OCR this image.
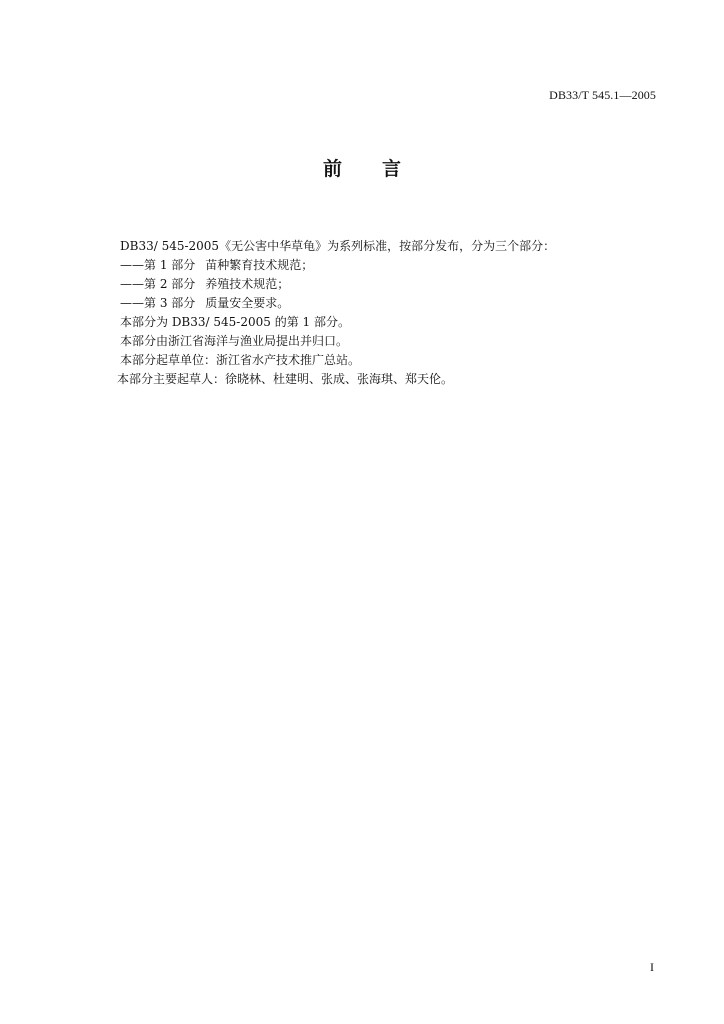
DB33/T 545.1—2005
前 言
DB33/ 545-2005《无公害中华草龟》为系列标准，按部分发布，分为三个部分：
——第 1 部分 苗种繁育技术规范；
——第 2 部分 养殖技术规范；
——第 3 部分 质量安全要求。
本部分为 DB33/ 545-2005 的第 1 部分。
本部分由浙江省海洋与渔业局提出并归口。
本部分起草单位：浙江省水产技术推广总站。
本部分主要起草人：徐晓林、杜建明、张成、张海琪、郑天伦。
I
